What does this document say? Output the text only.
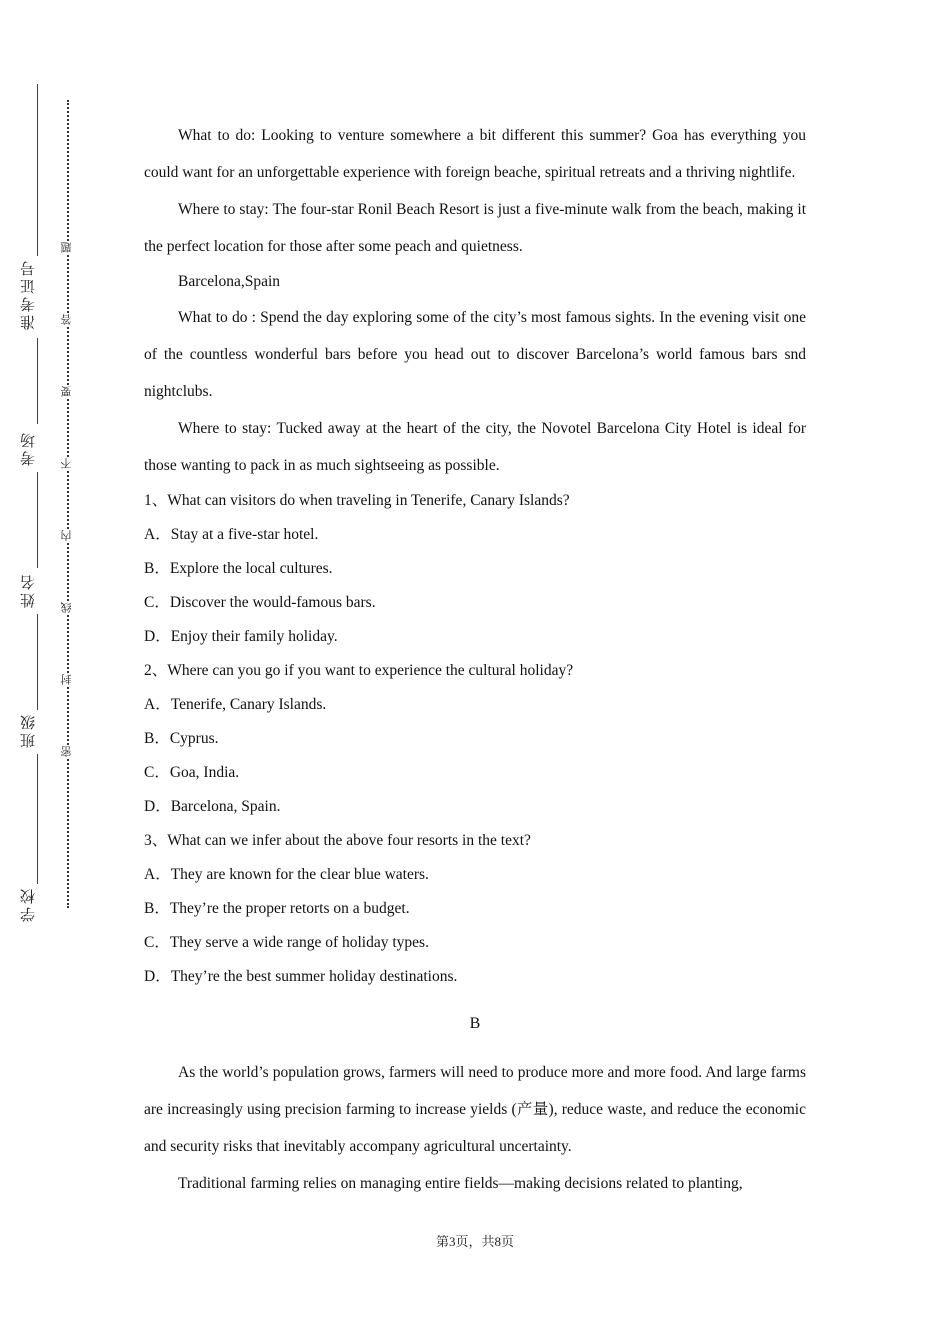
准考证号
考场
姓名
班级
学校
题
答
要
不
内
线
封
密

What to do: Looking to venture somewhere a bit different this summer? Goa has everything you could want for an unforgettable experience with foreign beache, spiritual retreats and a thriving nightlife.

Where to stay: The four-star Ronil Beach Resort is just a five-minute walk from the beach, making it the perfect location for those after some peach and quietness.

Barcelona,Spain

What to do : Spend the day exploring some of the city’s most famous sights. In the evening visit one of the countless wonderful bars before you head out to discover Barcelona’s world famous bars snd nightclubs.

Where to stay: Tucked away at the heart of the city, the Novotel Barcelona City Hotel is ideal for those wanting to pack in as much sightseeing as possible.

1、What can visitors do when traveling in Tenerife, Canary Islands?

A．Stay at a five-star hotel.

B．Explore the local cultures.

C．Discover the would-famous bars.

D．Enjoy their family holiday.

2、Where can you go if you want to experience the cultural holiday?

A．Tenerife, Canary Islands.

B．Cyprus.

C．Goa, India.

D．Barcelona, Spain.

3、What can we infer about the above four resorts in the text?

A．They are known for the clear blue waters.

B．They’re the proper retorts on a budget.

C．They serve a wide range of holiday types.

D．They’re the best summer holiday destinations.

B

As the world’s population grows, farmers will need to produce more and more food. And large farms are increasingly using precision farming to increase yields (产量), reduce waste, and reduce the economic and security risks that inevitably accompany agricultural uncertainty.

Traditional farming relies on managing entire fields—making decisions related to planting,

第3页，共8页
